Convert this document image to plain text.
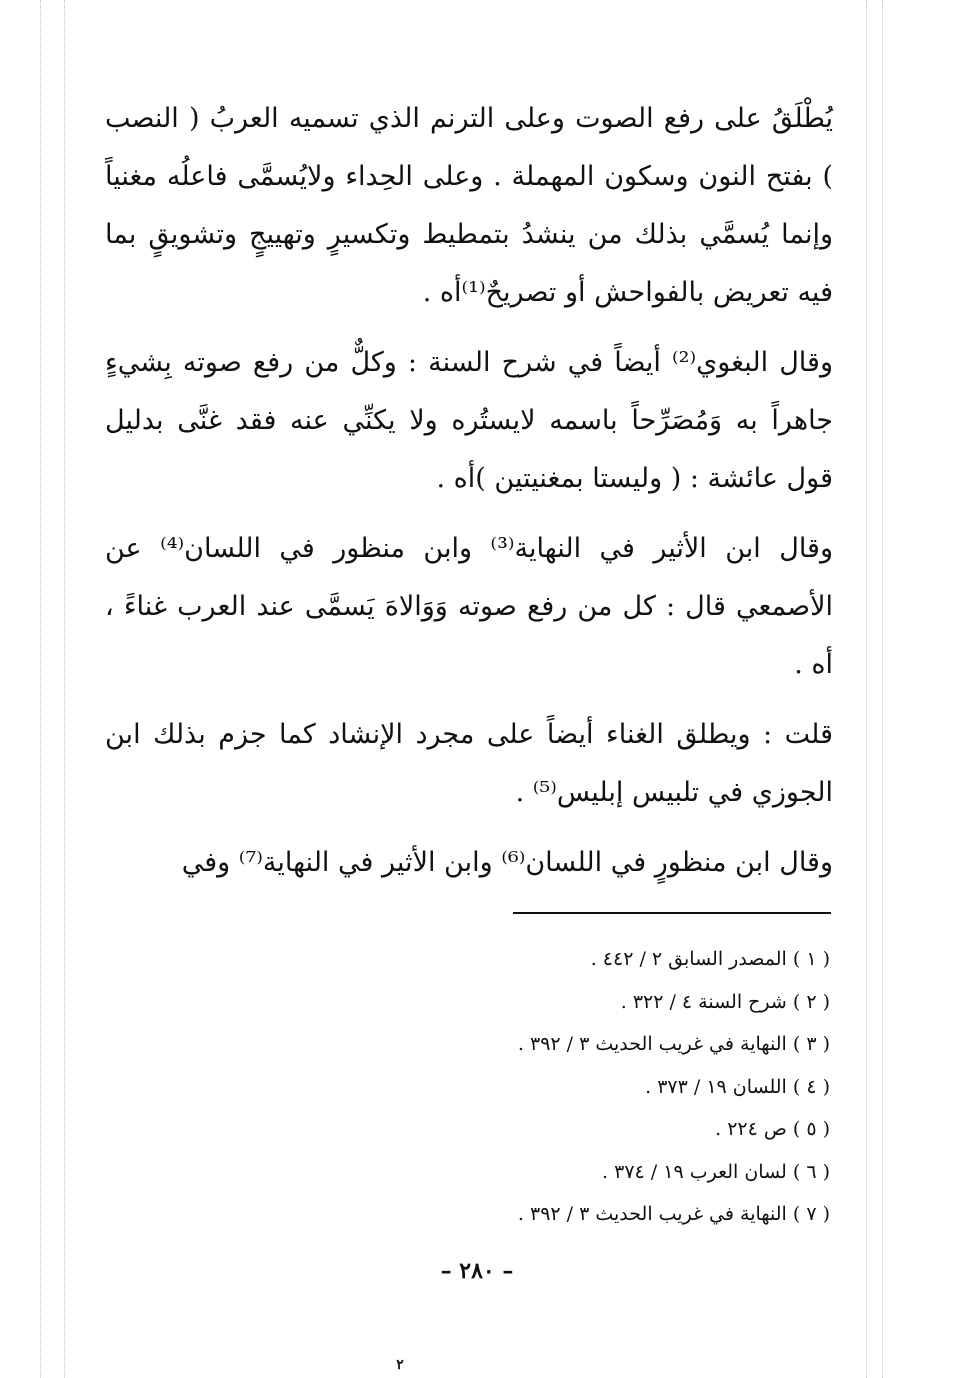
يُطْلَقُ على رفع الصوت وعلى الترنم الذي تسميه العربُ ( النصب ) بفتح النون وسكون المهملة . وعلى الحِداء ولايُسمَّى فاعلُه مغنياً وإنما يُسمَّي بذلك من ينشدُ بتمطيط وتكسيرٍ وتهييجٍ وتشويقٍ بما فيه تعريض بالفواحش أو تصريحٌ⁽¹⁾أه .

وقال البغوي⁽²⁾ أيضاً في شرح السنة : وكلٌّ من رفع صوته بِشيءٍ جاهراً به وَمُصَرِّحاً باسمه لايستُره ولا يكنِّي عنه فقد غنَّى بدليل قول عائشة : ( وليستا بمغنيتين )أه .

وقال ابن الأثير في النهاية⁽³⁾ وابن منظور في اللسان⁽⁴⁾ عن الأصمعي قال : كل من رفع صوته وَوَالاهَ يَسمَّى عند العرب غناءً ، أه .

قلت : ويطلق الغناء أيضاً على مجرد الإنشاد كما جزم بذلك ابن الجوزي في تلبيس إبليس⁽⁵⁾ .

وقال ابن منظورٍ في اللسان⁽⁶⁾ وابن الأثير في النهاية⁽⁷⁾ وفي

( ١ ) المصدر السابق ٢ / ٤٤٢ .
( ٢ ) شرح السنة ٤ / ٣٢٢ .
( ٣ ) النهاية في غريب الحديث ٣ / ٣٩٢ .
( ٤ ) اللسان ١٩ / ٣٧٣ .
( ٥ ) ص ٢٢٤ .
( ٦ ) لسان العرب ١٩ / ٣٧٤ .
( ٧ ) النهاية في غريب الحديث ٣ / ٣٩٢ .
– ٢٨٠ –
٢
